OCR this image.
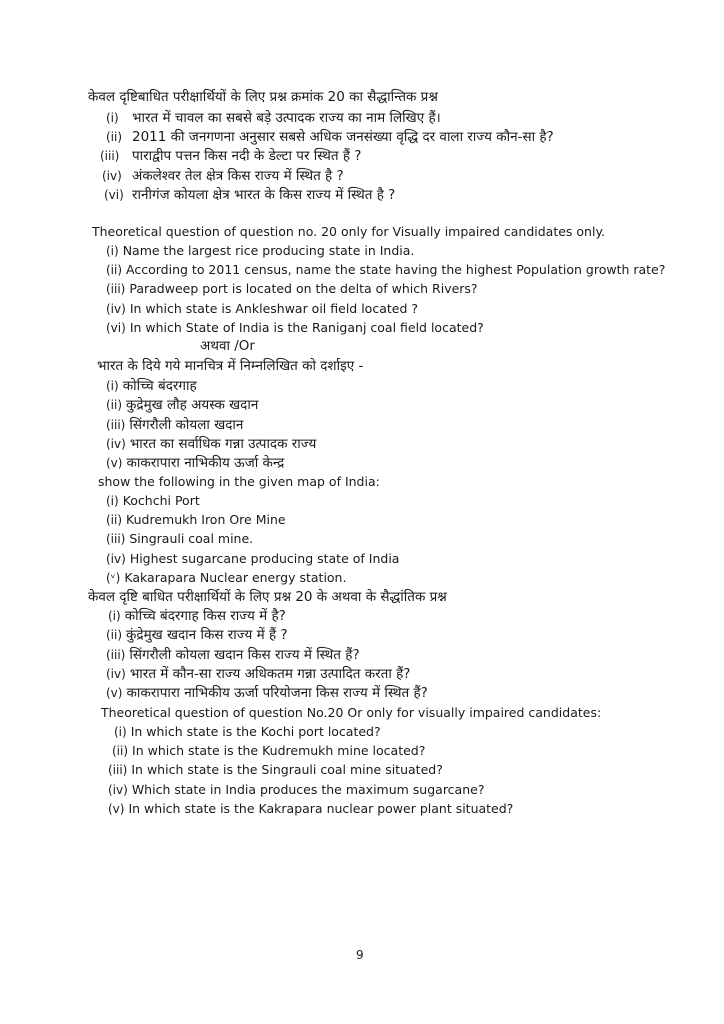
केवल दृष्टिबाधित परीक्षार्थियों के लिए प्रश्न क्रमांक 20 का सैद्धान्तिक प्रश्न
(i) भारत में चावल का सबसे बड़े उत्पादक राज्य का नाम लिखिए हैं।
(ii) 2011 की जनगणना अनुसार सबसे अधिक जनसंख्या वृद्धि दर वाला राज्य कौन-सा है?
(iii) पाराद्वीप पत्तन किस नदी के डेल्टा पर स्थित हैं ?
(iv) अंकलेश्वर तेल क्षेत्र किस राज्य में स्थित है ?
(vi) रानीगंज कोयला क्षेत्र भारत के किस राज्य में स्थित है ?
Theoretical question of question no. 20 only for Visually impaired candidates only.
(i) Name the largest rice producing state in India.
(ii) According to 2011 census, name the state having the highest Population growth rate?
(iii) Paradweep port is located on the delta of which Rivers?
(iv) In which state is Ankleshwar oil field located ?
(vi) In which State of India is the Raniganj coal field located?
भारत के दिये गये मानचित्र में निम्नलिखित को दर्शाइए -
(i) कोच्चि बंदरगाह
(ii) कुद्रेमुख लौह अयस्क खदान
(iii) सिंगरौली कोयला खदान
(iv) भारत का सर्वाधिक गन्ना उत्पादक राज्य
(v) काकरापारा नाभिकीय ऊर्जा केन्द्र
show the following in the given map of India:
(i) Kochchi Port
(ii) Kudremukh Iron Ore Mine
(iii) Singrauli coal mine.
(iv) Highest sugarcane producing state of India
(ᵛ) Kakarapara Nuclear energy station.
केवल दृष्टि बाधित परीक्षार्थियों के लिए प्रश्न 20 के अथवा के सैद्धांतिक प्रश्न
(i) कोच्चि बंदरगाह किस राज्य में है?
(ii) कुंद्रेमुख खदान किस राज्य में हैं ?
(iii) सिंगरौली कोयला खदान किस राज्य में स्थित हैं?
(iv) भारत में कौन-सा राज्य अधिकतम गन्ना उत्पादित करता हैं?
(v) काकरापारा नाभिकीय ऊर्जा परियोजना किस राज्य में स्थित हैं?
Theoretical question of question No.20 Or only for visually impaired candidates:
(i) In which state is the Kochi port located?
(ii) In which state is the Kudremukh mine located?
(iii) In which state is the Singrauli coal mine situated?
(iv) Which state in India produces the maximum sugarcane?
(v) In which state is the Kakrapara nuclear power plant situated?
अथवा /Or
9
